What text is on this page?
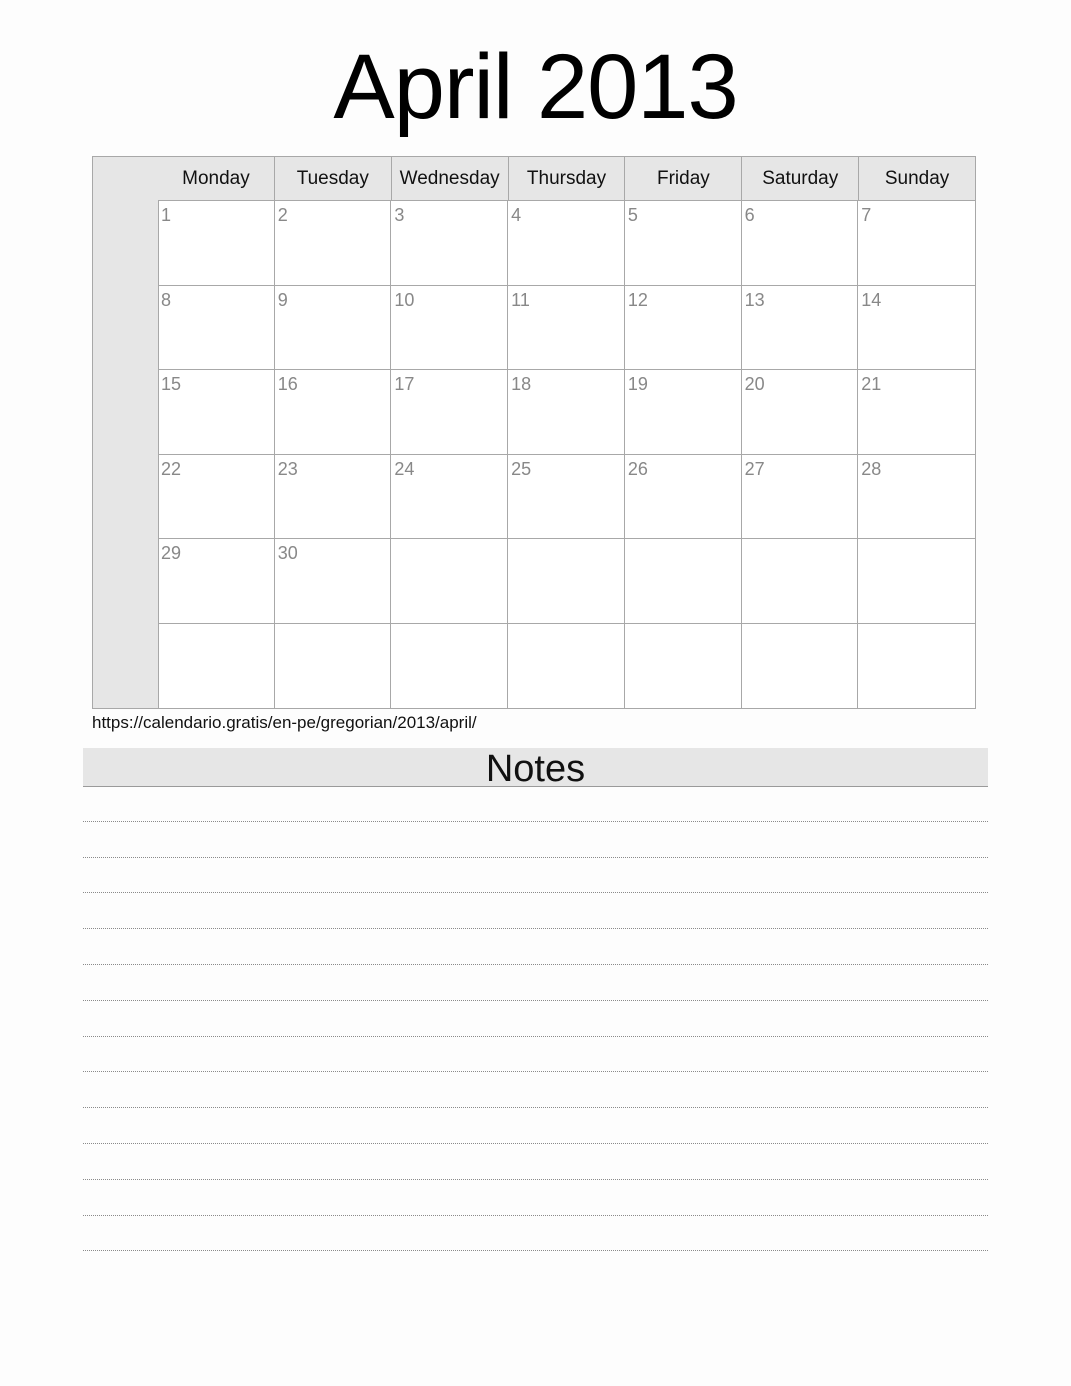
April 2013
Monday	Tuesday	Wednesday	Thursday	Friday	Saturday	Sunday
1	2	3	4	5	6	7
8	9	10	11	12	13	14
15	16	17	18	19	20	21
22	23	24	25	26	27	28
29	30
https://calendario.gratis/en-pe/gregorian/2013/april/
Notes
